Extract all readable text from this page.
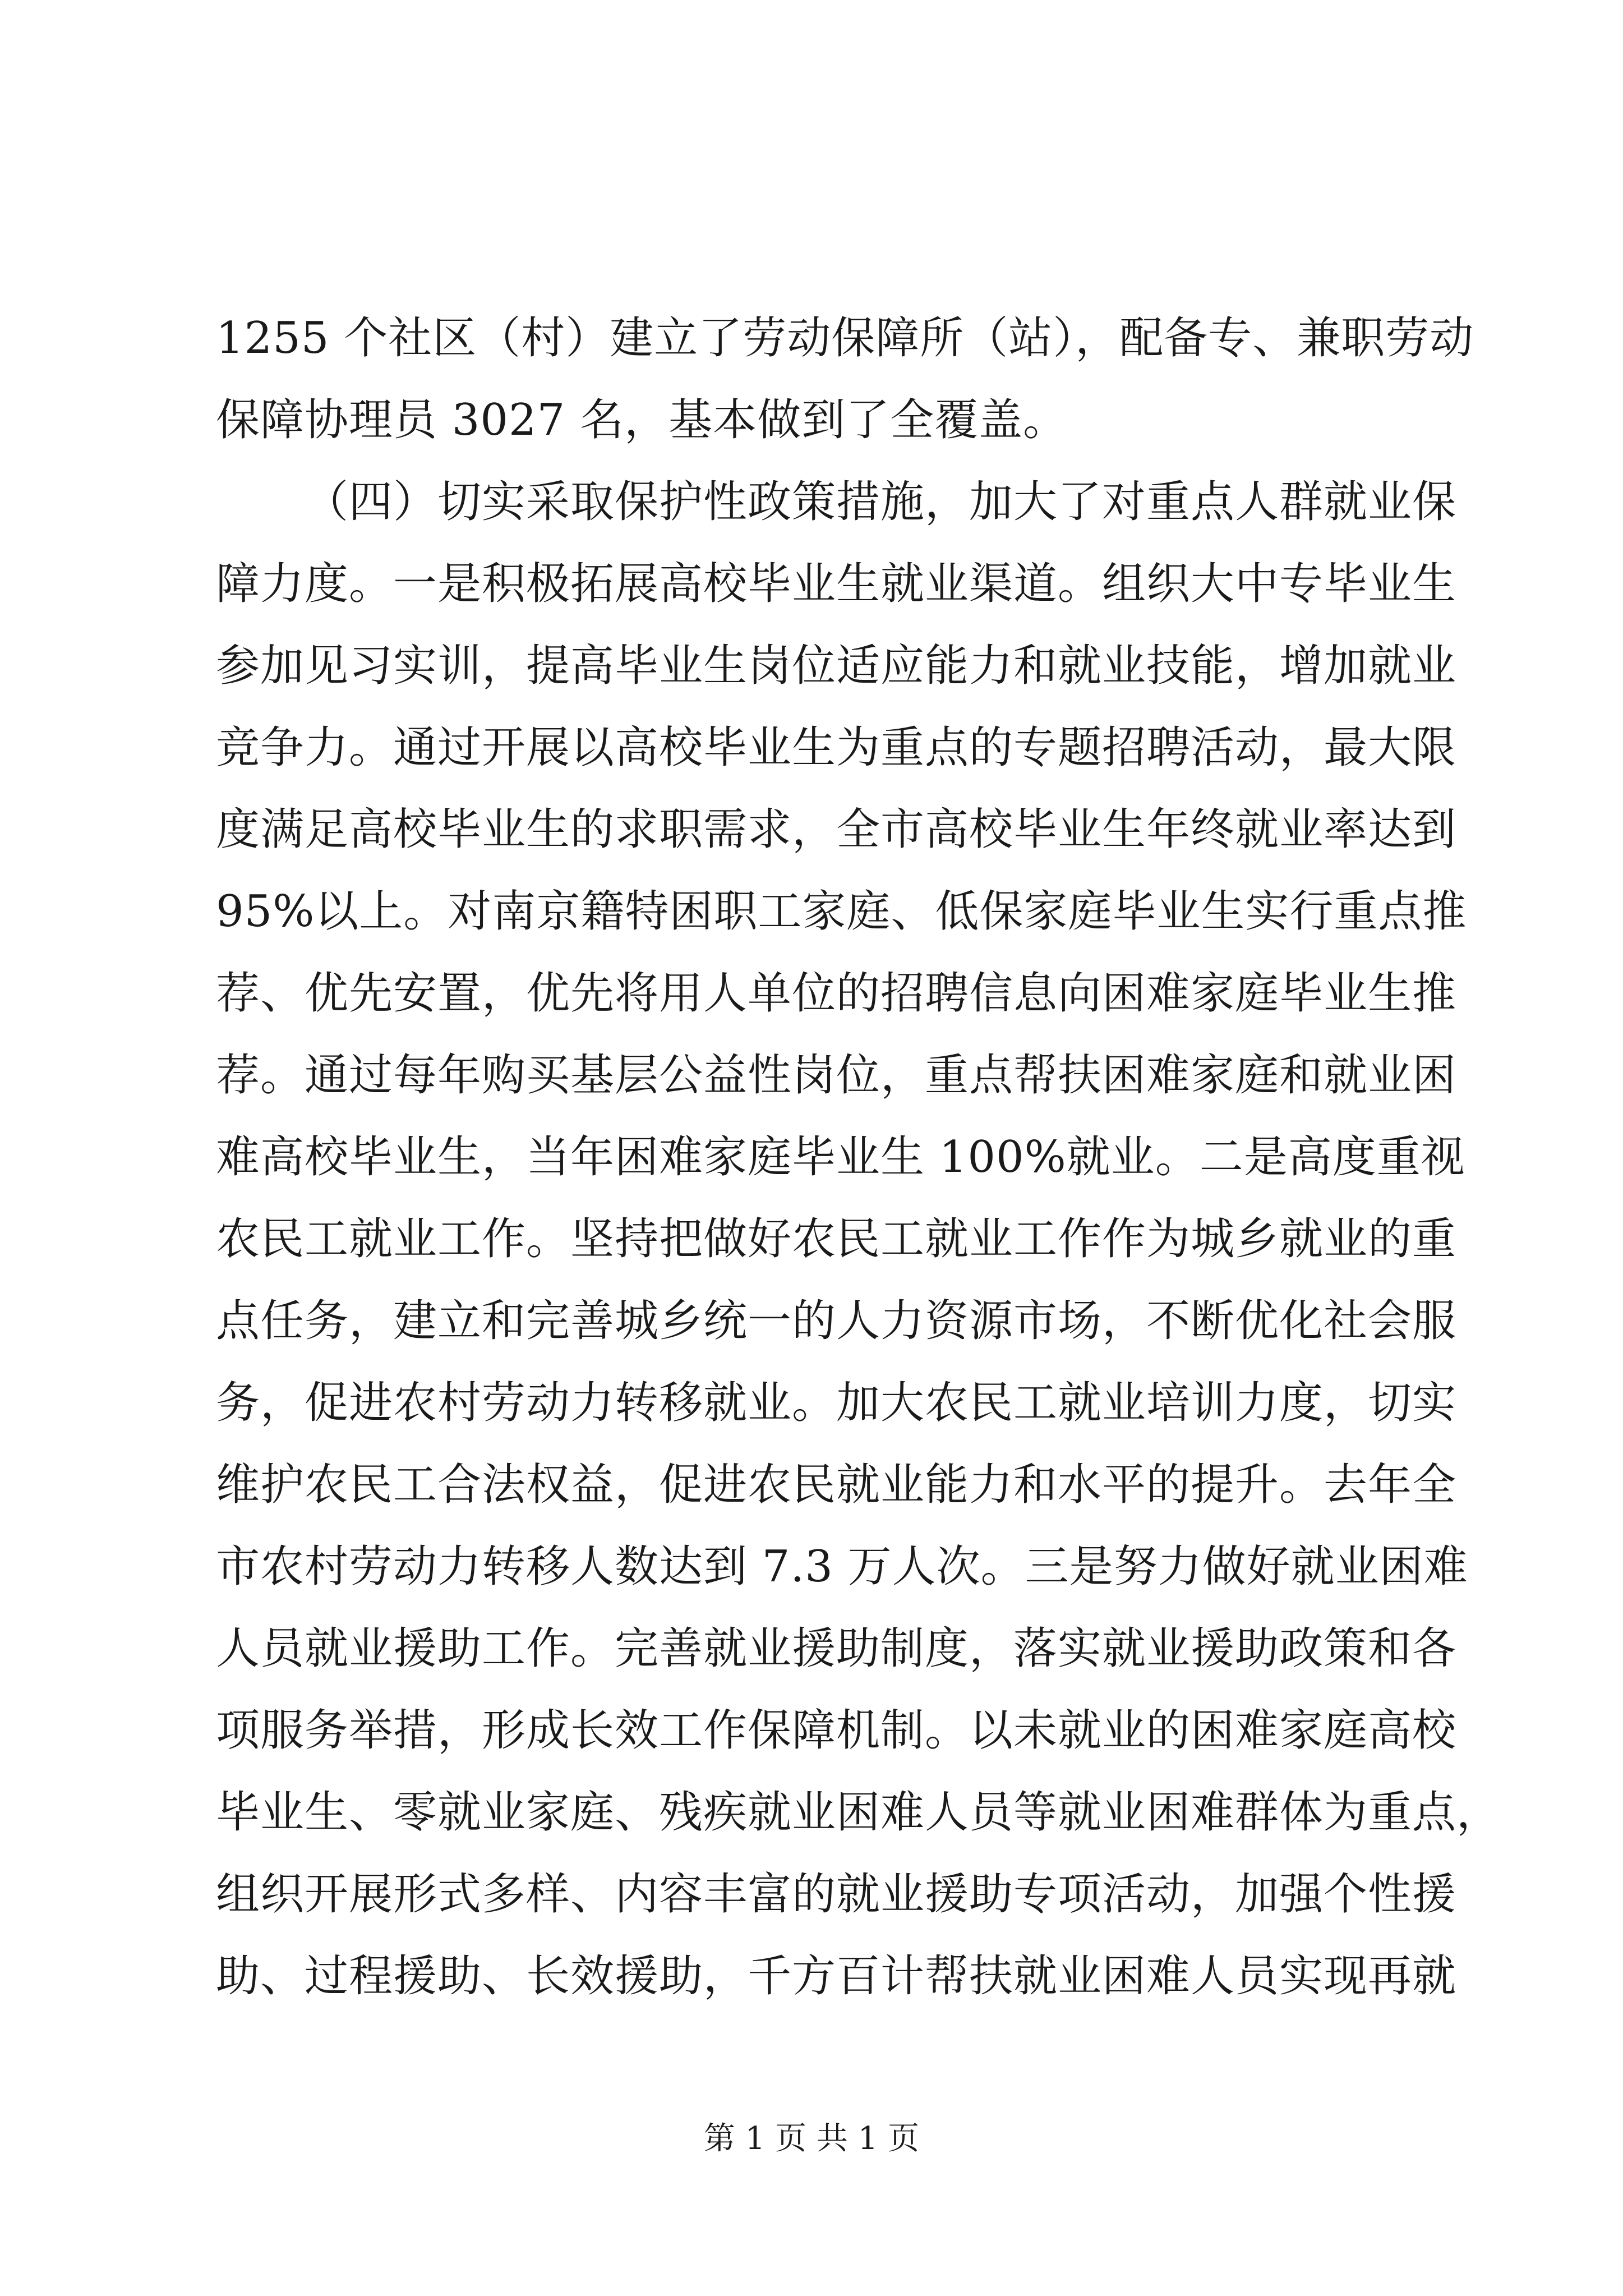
1255 个社区（村）建立了劳动保障所（站），配备专、兼职劳动
保障协理员 3027 名，基本做到了全覆盖。
（四）切实采取保护性政策措施，加大了对重点人群就业保
障力度。一是积极拓展高校毕业生就业渠道。组织大中专毕业生
参加见习实训，提高毕业生岗位适应能力和就业技能，增加就业
竞争力。通过开展以高校毕业生为重点的专题招聘活动，最大限
度满足高校毕业生的求职需求，全市高校毕业生年终就业率达到
95%以上。对南京籍特困职工家庭、低保家庭毕业生实行重点推
荐、优先安置，优先将用人单位的招聘信息向困难家庭毕业生推
荐。通过每年购买基层公益性岗位，重点帮扶困难家庭和就业困
难高校毕业生，当年困难家庭毕业生 100%就业。二是高度重视
农民工就业工作。坚持把做好农民工就业工作作为城乡就业的重
点任务，建立和完善城乡统一的人力资源市场，不断优化社会服
务，促进农村劳动力转移就业。加大农民工就业培训力度，切实
维护农民工合法权益，促进农民就业能力和水平的提升。去年全
市农村劳动力转移人数达到 7.3 万人次。三是努力做好就业困难
人员就业援助工作。完善就业援助制度，落实就业援助政策和各
项服务举措，形成长效工作保障机制。以未就业的困难家庭高校
毕业生、零就业家庭、残疾就业困难人员等就业困难群体为重点，
组织开展形式多样、内容丰富的就业援助专项活动，加强个性援
助、过程援助、长效援助，千方百计帮扶就业困难人员实现再就
第 1 页 共 1 页
